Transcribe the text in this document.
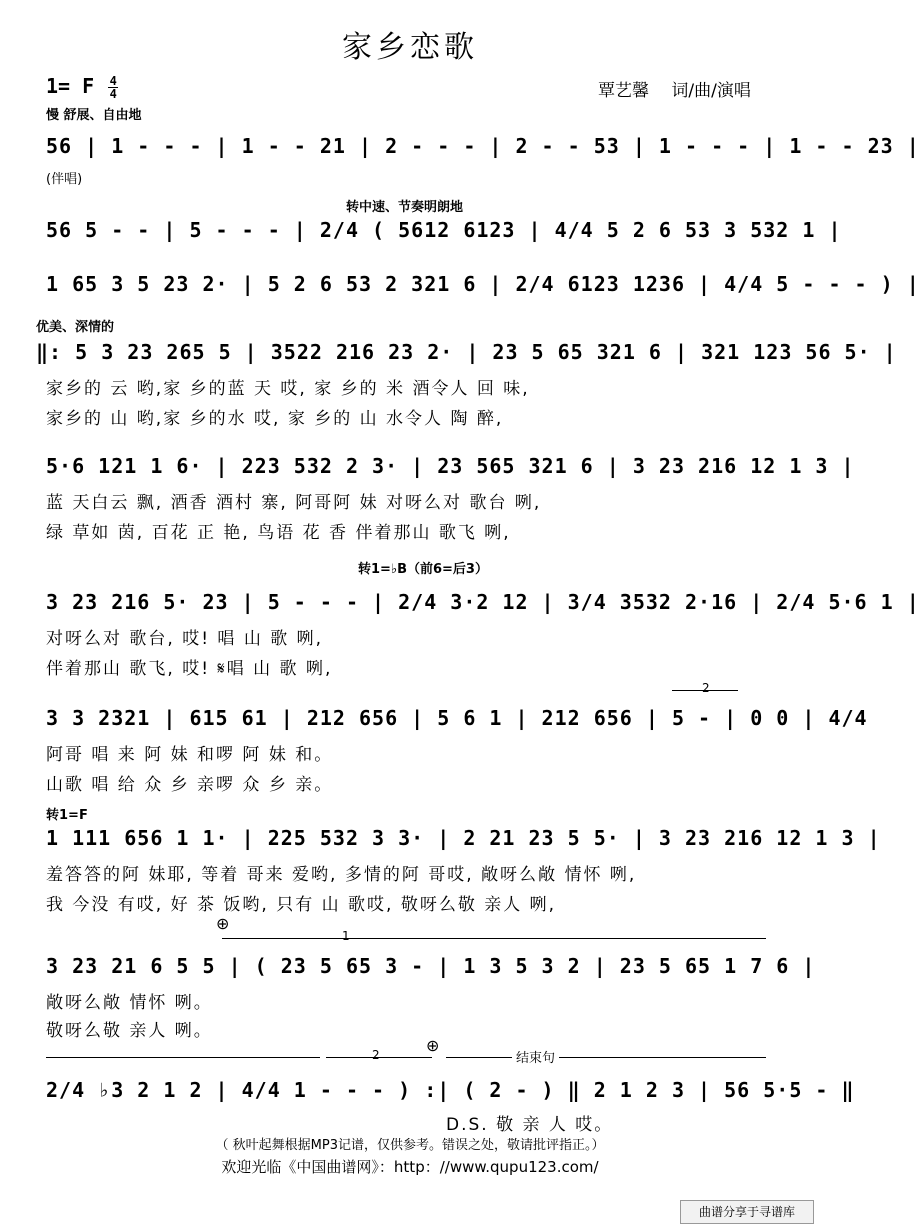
家乡恋歌
1= F $\frac{4}{4}$	覃艺馨　 词/曲/演唱
慢 舒展、自由地
56 | 1 - - - | 1 - - 21 | 2 - - - | 2 - - 53 | 1 - - - | 1 - - 23 |
(伴唱)
转中速、节奏明朗地
56 5 - - | 5 - - - | 2/4 ( 5612 6123 | 4/4 5 2 6 53 3 532 1 |
1 65 3 5 23 2· | 5 2 6 53 2 321 6 | 2/4 6123 1236 | 4/4 5 - - - ) |
优美、深情的
‖: 5 3 23 265 5 | 3522 216 23 2· | 23 5 65 321 6 | 321 123 56 5· |
家乡的 云 哟,家 乡的蓝 天 哎, 家 乡的 米 酒令人 回 味,
家乡的 山 哟,家 乡的水 哎, 家 乡的 山 水令人 陶 醉,
5·6 121 1 6· | 223 532 2 3· | 23 565 321 6 | 3 23 216 12 1 3 |
蓝 天白云 飘, 酒香 酒村 寨, 阿哥阿 妹 对呀么对 歌台 咧,
绿 草如 茵, 百花 正 艳, 鸟语 花 香 伴着那山 歌飞 咧,
转1=♭B（前6=后3）
3 23 216 5· 23 | 5 - - - | 2/4 3·2 12 | 3/4 3532 2·16 | 2/4 5·6 1 |
对呀么对 歌台, 哎! 唱 山 歌 咧,
伴着那山 歌飞, 哎! 𝄋唱 山 歌 咧,
2
3 3 2321 | 615 61 | 212 656 | 5 6 1 | 212 656 | 5 - | 0 0 | 4/4
阿哥 唱 来 阿 妹 和啰 阿 妹 和。
山歌 唱 给 众 乡 亲啰 众 乡 亲。
转1=F
1 111 656 1 1· | 225 532 3 3· | 2 21 23 5 5· | 3 23 216 12 1 3 |
羞答答的阿 妹耶, 等着 哥来 爱哟, 多情的阿 哥哎, 敞呀么敞 情怀 咧,
我 今没 有哎, 好 茶 饭哟, 只有 山 歌哎, 敬呀么敬 亲人 咧,
⊕
1
3 23 21 6 5 5 | ( 23 5 65 3 - | 1 3 5 3 2 | 23 5 65 1 7 6 |
敞呀么敞 情怀 咧。
敬呀么敬 亲人 咧。
2	⊕
结束句
2/4 ♭3 2 1 2 | 4/4 1 - - - ) :| ( 2 - ) ‖ 2 1 2 3 | 56 5·5 - ‖
D.S. 敬 亲 人 哎。
（ 秋叶起舞根据MP3记谱，仅供参考。错误之处，敬请批评指正。）
欢迎光临《中国曲谱网》：http：//www.qupu123.com/
曲谱分享于寻谱库
